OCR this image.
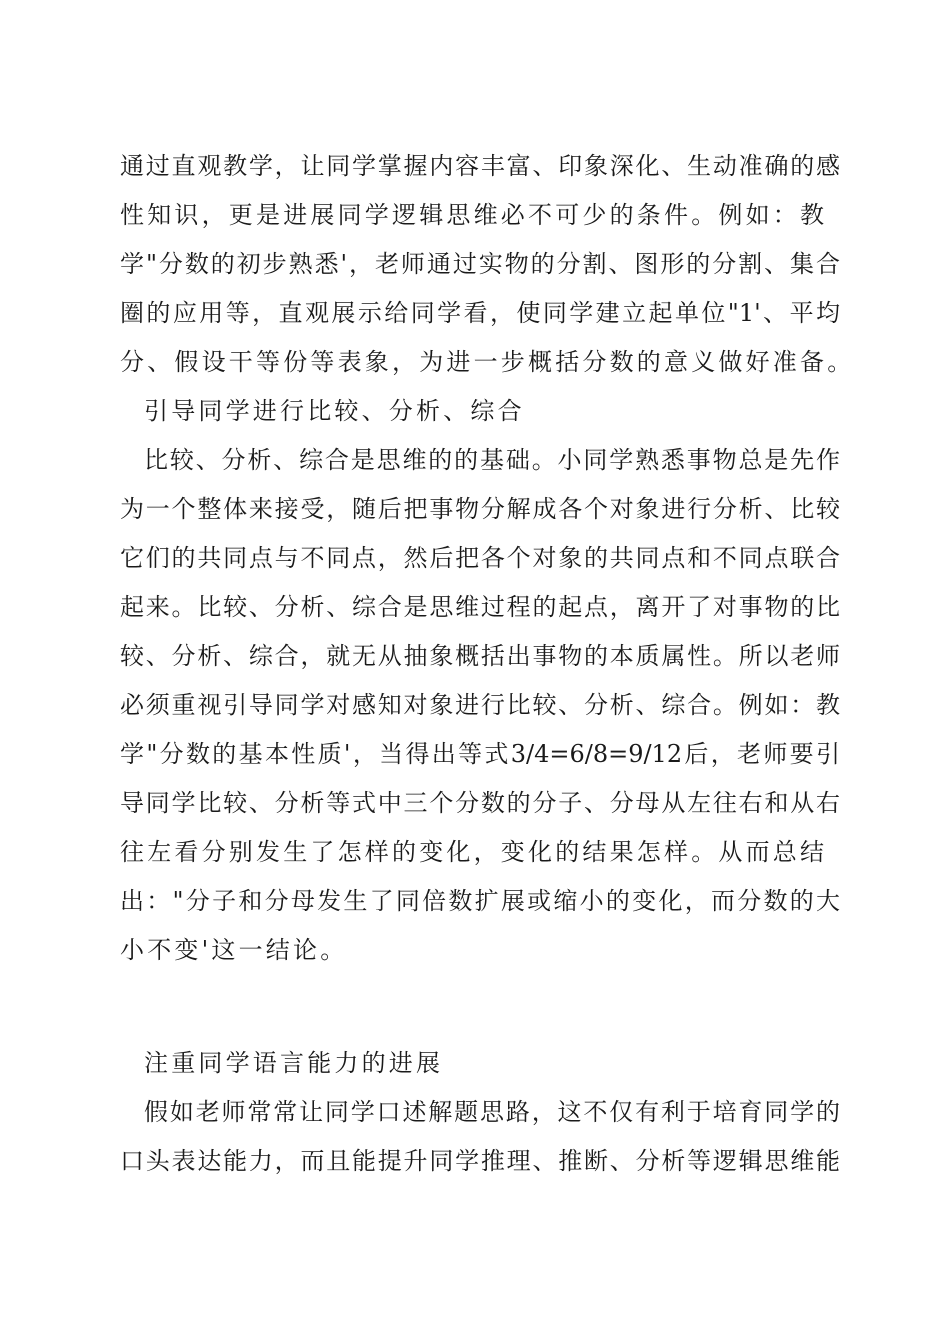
通过直观教学，让同学掌握内容丰富、印象深化、生动准确的感
性知识，更是进展同学逻辑思维必不可少的条件。例如：教
学"分数的初步熟悉'，老师通过实物的分割、图形的分割、集合
圈的应用等，直观展示给同学看，使同学建立起单位"1'、平均
分、假设干等份等表象，为进一步概括分数的意义做好准备。
引导同学进行比较、分析、综合
比较、分析、综合是思维的的基础。小同学熟悉事物总是先作
为一个整体来接受，随后把事物分解成各个对象进行分析、比较
它们的共同点与不同点，然后把各个对象的共同点和不同点联合
起来。比较、分析、综合是思维过程的起点，离开了对事物的比
较、分析、综合，就无从抽象概括出事物的本质属性。所以老师
必须重视引导同学对感知对象进行比较、分析、综合。例如：教
学"分数的基本性质'，当得出等式3/4=6/8=9/12后，老师要引
导同学比较、分析等式中三个分数的分子、分母从左往右和从右
往左看分别发生了怎样的变化，变化的结果怎样。从而总结
出："分子和分母发生了同倍数扩展或缩小的变化，而分数的大
小不变'这一结论。
注重同学语言能力的进展
假如老师常常让同学口述解题思路，这不仅有利于培育同学的
口头表达能力，而且能提升同学推理、推断、分析等逻辑思维能
